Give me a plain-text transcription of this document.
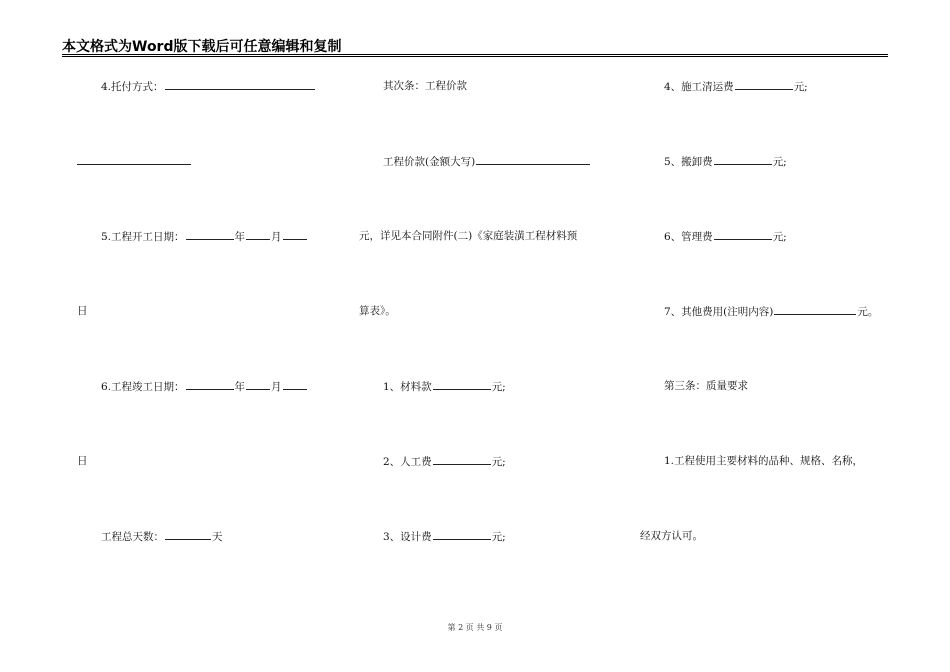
本文格式为Word版下载后可任意编辑和复制
4.托付方式：
5.工程开工日期：	年 月
日
6.工程竣工日期：	年 月
日
工程总天数：	天
其次条：工程价款
工程价款(金额大写)
元，详见本合同附件(二)《家庭装潢工程材料预
算表》。
1、材料款	元;
2、人工费	元;
3、设计费	元;
4、施工清运费	元;
5、搬卸费	元;
6、管理费	元;
7、其他费用(注明内容)	元。
第三条：质量要求
1.工程使用主要材料的品种、规格、名称，
经双方认可。
第 2 页 共 9 页
